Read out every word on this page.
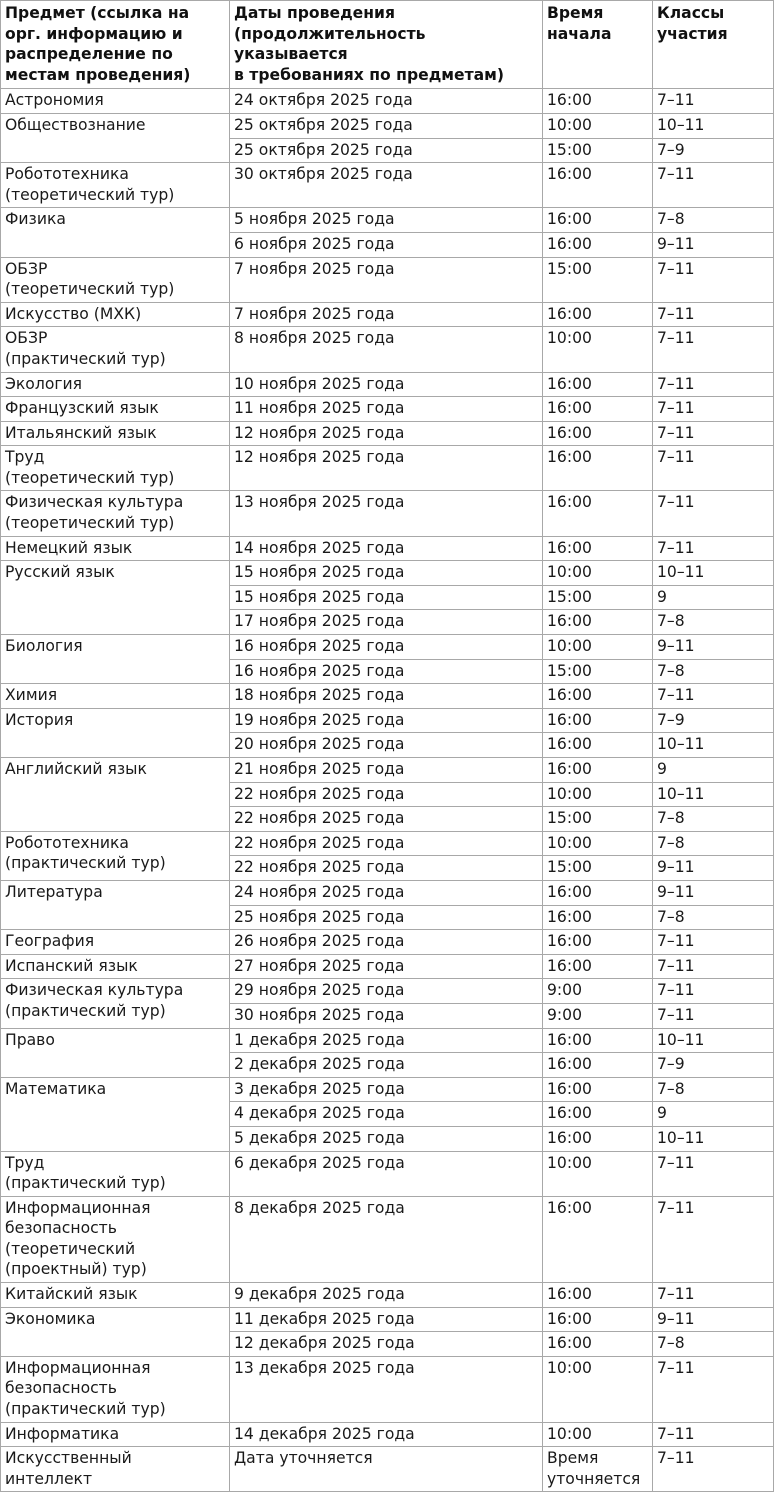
Предмет (ссылка на
орг. информацию и
распределение по
местам проведения)	Даты проведения
(продолжительность
указывается
в требованиях по предметам)	Время
начала	Классы
участия

Астрономия	24 октября 2025 года	16:00	7–11

Обществознание	25 октября 2025 года	10:00	10–11
	25 октября 2025 года	15:00	7–9

Робототехника
(теоретический тур)	30 октября 2025 года	16:00	7–11

Физика	5 ноября 2025 года	16:00	7–8
	6 ноября 2025 года	16:00	9–11

ОБЗР
(теоретический тур)	7 ноября 2025 года	15:00	7–11

Искусство (МХК)	7 ноября 2025 года	16:00	7–11

ОБЗР
(практический тур)	8 ноября 2025 года	10:00	7–11

Экология	10 ноября 2025 года	16:00	7–11

Французский язык	11 ноября 2025 года	16:00	7–11

Итальянский язык	12 ноября 2025 года	16:00	7–11

Труд
(теоретический тур)	12 ноября 2025 года	16:00	7–11

Физическая культура
(теоретический тур)	13 ноября 2025 года	16:00	7–11

Немецкий язык	14 ноября 2025 года	16:00	7–11

Русский язык	15 ноября 2025 года	10:00	10–11
	15 ноября 2025 года	15:00	9
	17 ноября 2025 года	16:00	7–8

Биология	16 ноября 2025 года	10:00	9–11
	16 ноября 2025 года	15:00	7–8

Химия	18 ноября 2025 года	16:00	7–11

История	19 ноября 2025 года	16:00	7–9
	20 ноября 2025 года	16:00	10–11

Английский язык	21 ноября 2025 года	16:00	9
	22 ноября 2025 года	10:00	10–11
	22 ноября 2025 года	15:00	7–8

Робототехника
(практический тур)	22 ноября 2025 года	10:00	7–8
	22 ноября 2025 года	15:00	9–11

Литература	24 ноября 2025 года	16:00	9–11
	25 ноября 2025 года	16:00	7–8

География	26 ноября 2025 года	16:00	7–11

Испанский язык	27 ноября 2025 года	16:00	7–11

Физическая культура
(практический тур)	29 ноября 2025 года	9:00	7–11
	30 ноября 2025 года	9:00	7–11

Право	1 декабря 2025 года	16:00	10–11
	2 декабря 2025 года	16:00	7–9

Математика	3 декабря 2025 года	16:00	7–8
	4 декабря 2025 года	16:00	9
	5 декабря 2025 года	16:00	10–11

Труд
(практический тур)	6 декабря 2025 года	10:00	7–11

Информационная
безопасность
(теоретический
(проектный) тур)	8 декабря 2025 года	16:00	7–11

Китайский язык	9 декабря 2025 года	16:00	7–11

Экономика	11 декабря 2025 года	16:00	9–11
	12 декабря 2025 года	16:00	7–8

Информационная
безопасность
(практический тур)	13 декабря 2025 года	10:00	7–11

Информатика	14 декабря 2025 года	10:00	7–11

Искусственный
интеллект	Дата уточняется	Время
уточняется	7–11
